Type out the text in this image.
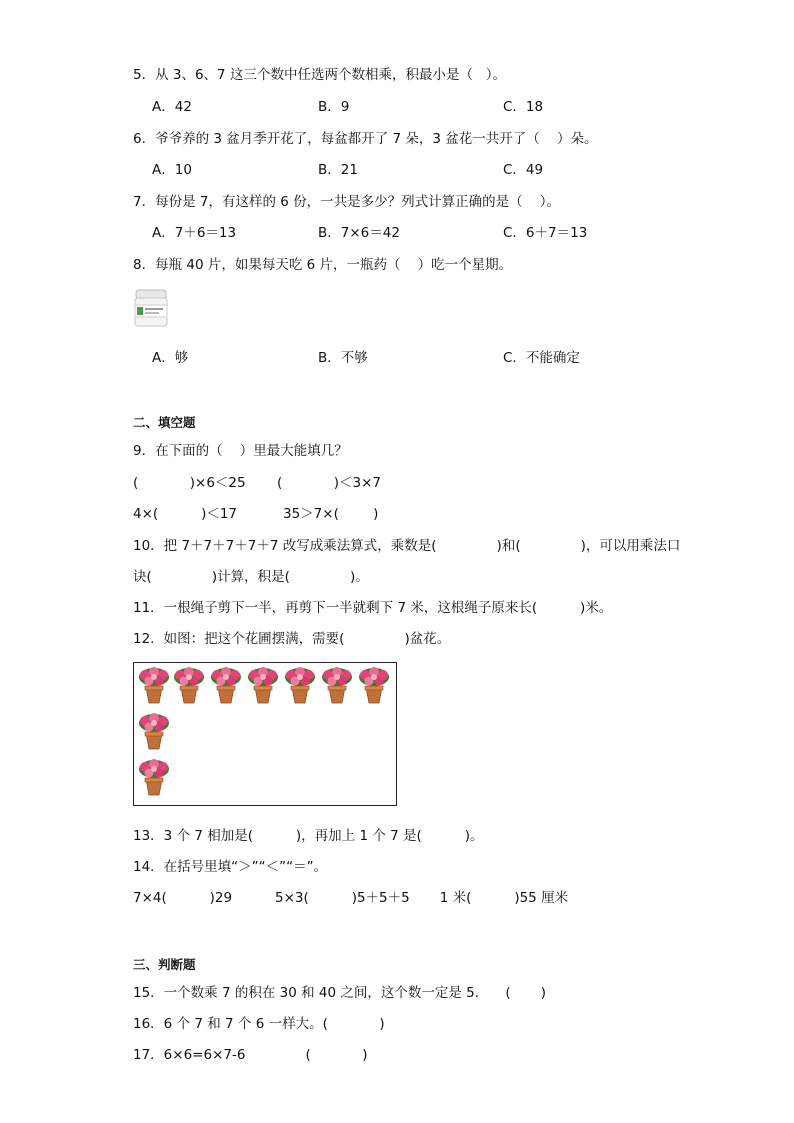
5．从 3、6、7 这三个数中任选两个数相乘，积最小是（   ）。
A．42	B．9	C．18
6．爷爷养的 3 盆月季开花了，每盆都开了 7 朵，3 盆花一共开了（    ）朵。
A．10	B．21	C．49
7．每份是 7，有这样的 6 份，一共是多少？列式计算正确的是（    ）。
A．7＋6＝13	B．7×6＝42	C．6＋7＝13
8．每瓶 40 片，如果每天吃 6 片，一瓶药（    ）吃一个星期。
A．够	B．不够	C．不能确定
二、填空题
9．在下面的（    ）里最大能填几？
(            )×6＜25 (            )＜3×7
4×(          )＜17	35＞7×(        )
10．把 7＋7＋7＋7＋7 改写成乘法算式，乘数是(              )和(              )，可以用乘法口
诀(              )计算，积是(              )。
11．一根绳子剪下一半，再剪下一半就剩下 7 米，这根绳子原来长(          )米。
12．如图：把这个花圃摆满，需要(              )盆花。
13．3 个 7 相加是(          )，再加上 1 个 7 是(          )。
14．在括号里填“＞”“＜”“＝”。
7×4(          )29          5×3(          )5＋5＋5       1 米(          )55 厘米
三、判断题
15．一个数乘 7 的积在 30 和 40 之间，这个数一定是 5．    (       )
16．6 个 7 和 7 个 6 一样大。(            )
17．6×6=6×7-6              (            )
